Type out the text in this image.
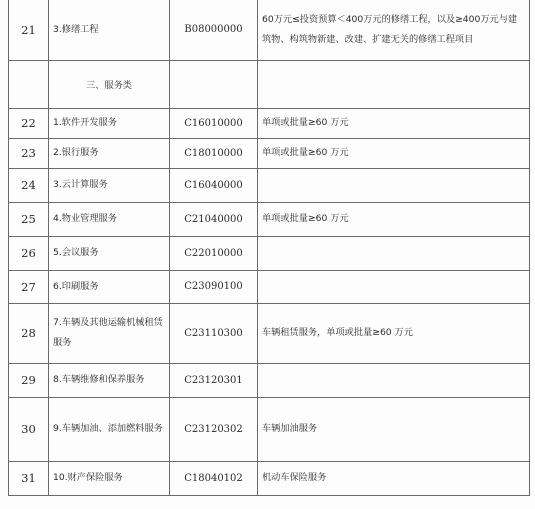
21	3.修缮工程	B08000000	60万元≤投资预算＜400万元的修缮工程，以及≥400万元与建筑物、构筑物新建、改建、扩建无关的修缮工程项目
	三、服务类		
22	1.软件开发服务	C16010000	单项或批量≥60 万元
23	2.银行服务	C18010000	单项或批量≥60 万元
24	3.云计算服务	C16040000	
25	4.物业管理服务	C21040000	单项或批量≥60 万元
26	5.会议服务	C22010000	
27	6.印刷服务	C23090100	
28	7.车辆及其他运输机械租赁服务	C23110300	车辆租赁服务，单项或批量≥60 万元
29	8.车辆维修和保养服务	C23120301	
30	9.车辆加油、添加燃料服务	C23120302	车辆加油服务
31	10.财产保险服务	C18040102	机动车保险服务
